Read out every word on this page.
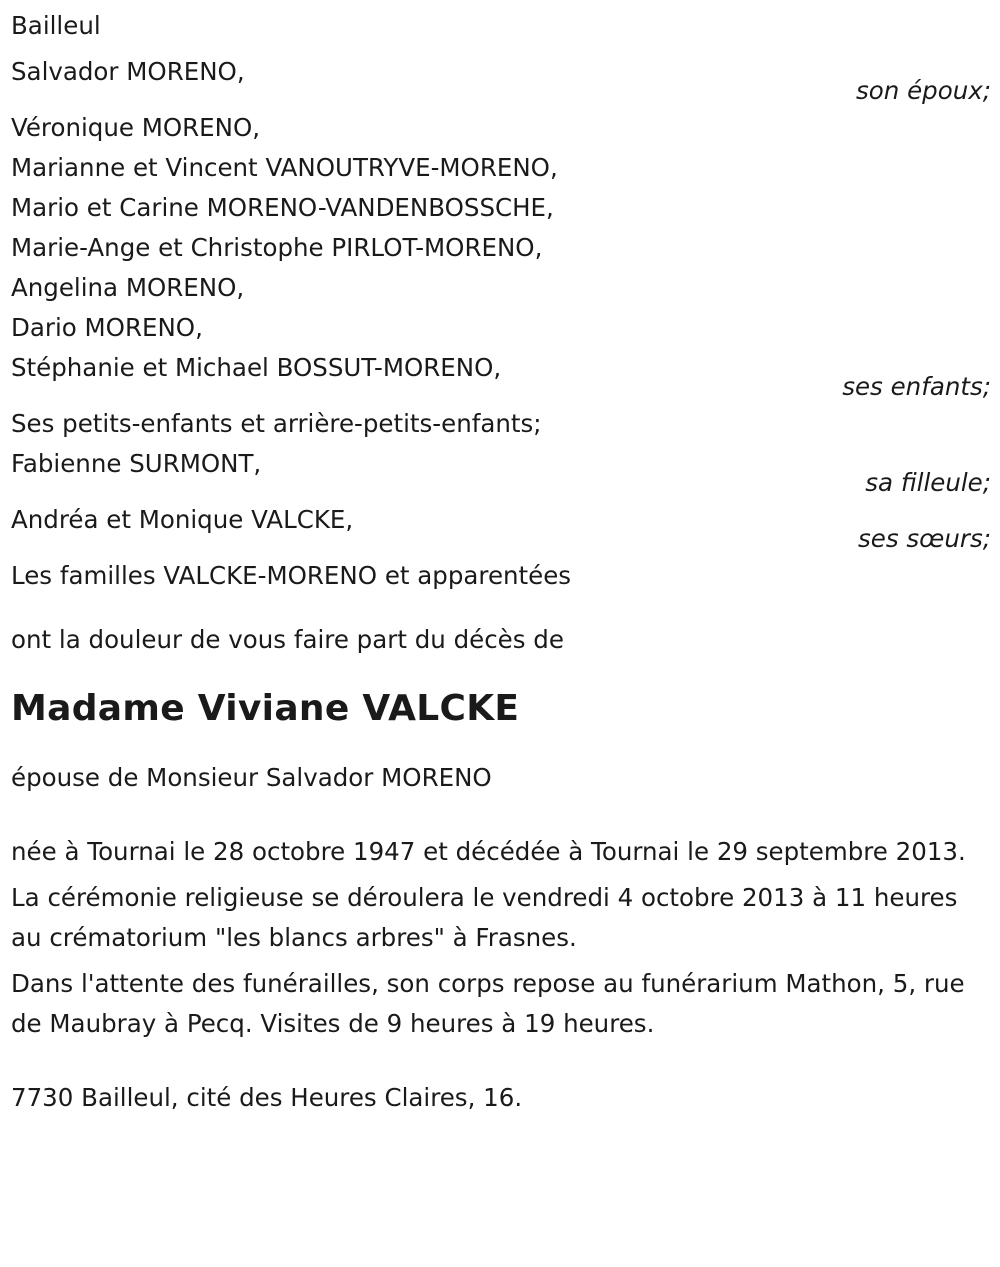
Bailleul
Salvador MORENO,
son époux;
Véronique MORENO,
Marianne et Vincent VANOUTRYVE-MORENO,
Mario et Carine MORENO-VANDENBOSSCHE,
Marie-Ange et Christophe PIRLOT-MORENO,
Angelina MORENO,
Dario MORENO,
Stéphanie et Michael BOSSUT-MORENO,
ses enfants;
Ses petits-enfants et arrière-petits-enfants;
Fabienne SURMONT,
sa filleule;
Andréa et Monique VALCKE,
ses sœurs;
Les familles VALCKE-MORENO et apparentées
ont la douleur de vous faire part du décès de
Madame Viviane VALCKE
épouse de Monsieur Salvador MORENO
née à Tournai le 28 octobre 1947 et décédée à Tournai le 29 septembre 2013.
La cérémonie religieuse se déroulera le vendredi 4 octobre 2013 à 11 heures au crématorium "les blancs arbres" à Frasnes.
Dans l'attente des funérailles, son corps repose au funérarium Mathon, 5, rue de Maubray à Pecq. Visites de 9 heures à 19 heures.
7730 Bailleul, cité des Heures Claires, 16.
